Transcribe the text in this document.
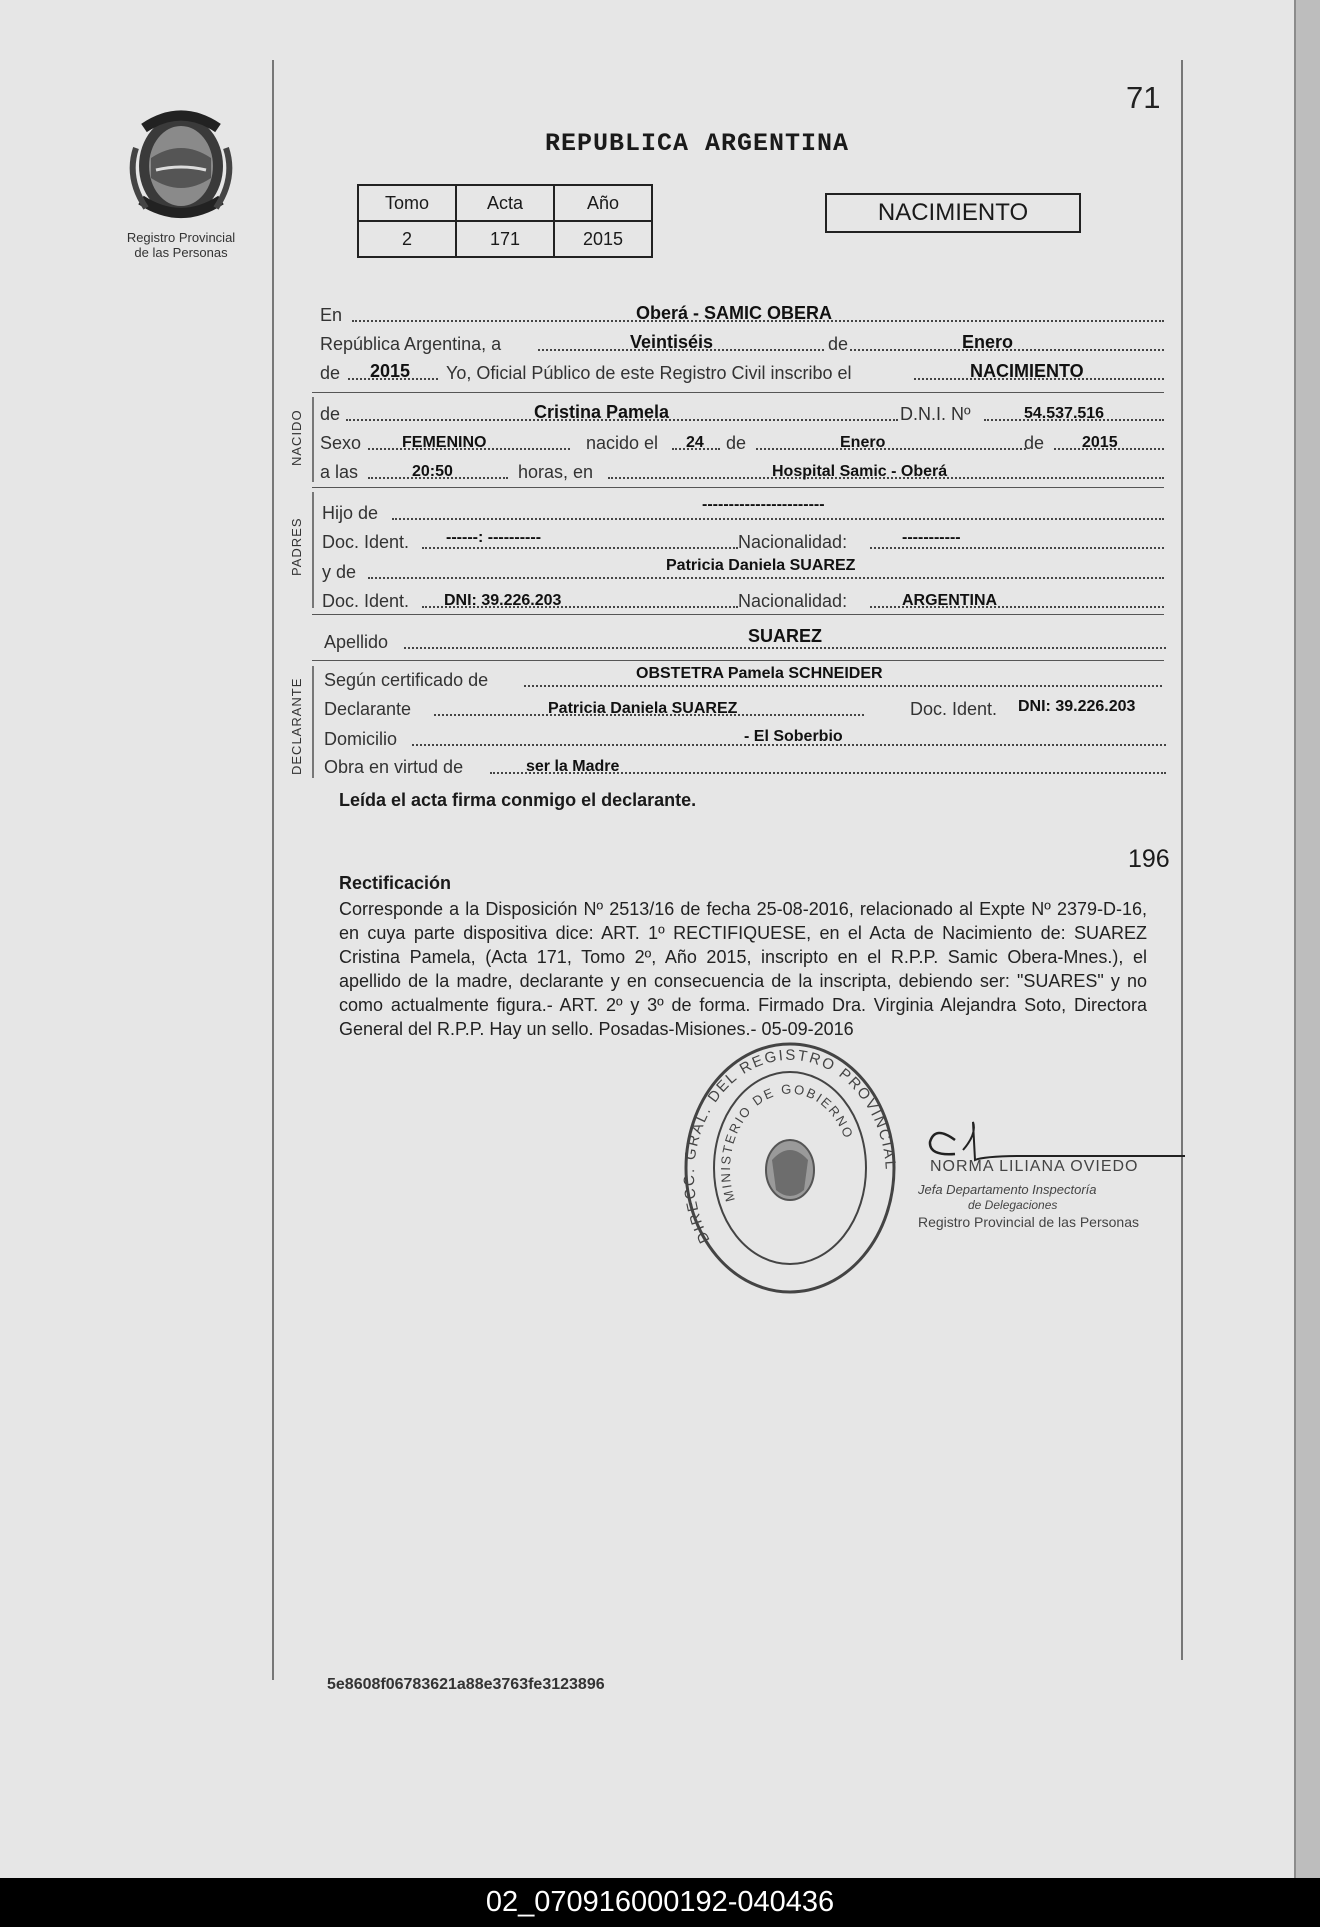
Registro Provincial
de las Personas
71
REPUBLICA ARGENTINA
Tomo	Acta	Año
2	171	2015
NACIMIENTO
En	Oberá - SAMIC OBERA
República Argentina, a	Veintiséis	de	Enero
de 2015 Yo, Oficial Público de este Registro Civil inscribo el	NACIMIENTO
NACIDO de	Cristina Pamela	D.N.I. Nº	54.537.516
Sexo	FEMENINO	nacido el 24 de	Enero	de 2015
a las	20:50	horas, en	Hospital Samic - Oberá
PADRES
Hijo de	-----------------------
Doc. Ident. ------: ----------	Nacionalidad:	-----------
y de	Patricia Daniela SUAREZ
Doc. Ident. DNI: 39.226.203	Nacionalidad:	ARGENTINA
Apellido	SUAREZ
DECLARANTE Según certificado de	OBSTETRA Pamela SCHNEIDER
Declarante	Patricia Daniela SUAREZ	Doc. Ident. DNI: 39.226.203
Domicilio	- El Soberbio
Obra en virtud de	ser la Madre
Leída el acta firma conmigo el declarante.
196
Rectificación
Corresponde a la Disposición Nº 2513/16 de fecha 25-08-2016, relacionado al Expte Nº 2379-D-16, en cuya parte dispositiva dice: ART. 1º RECTIFIQUESE, en el Acta de Nacimiento de: SUAREZ Cristina Pamela, (Acta 171, Tomo 2º, Año 2015, inscripto en el R.P.P. Samic Obera-Mnes.), el apellido de la madre, declarante y en consecuencia de la inscripta, debiendo ser: "SUARES" y no como actualmente figura.- ART. 2º y 3º de forma. Firmado Dra. Virginia Alejandra Soto, Directora General del R.P.P. Hay un sello. Posadas-Misiones.- 05-09-2016
DIRECC. GRAL. DEL REGISTRO PROVINCIAL
MINISTERIO DE GOBIERNO
NORMA LILIANA OVIEDO
Jefa Departamento Inspectoría
de Delegaciones
Registro Provincial de las Personas
5e8608f06783621a88e3763fe3123896
02_070916000192-040436
